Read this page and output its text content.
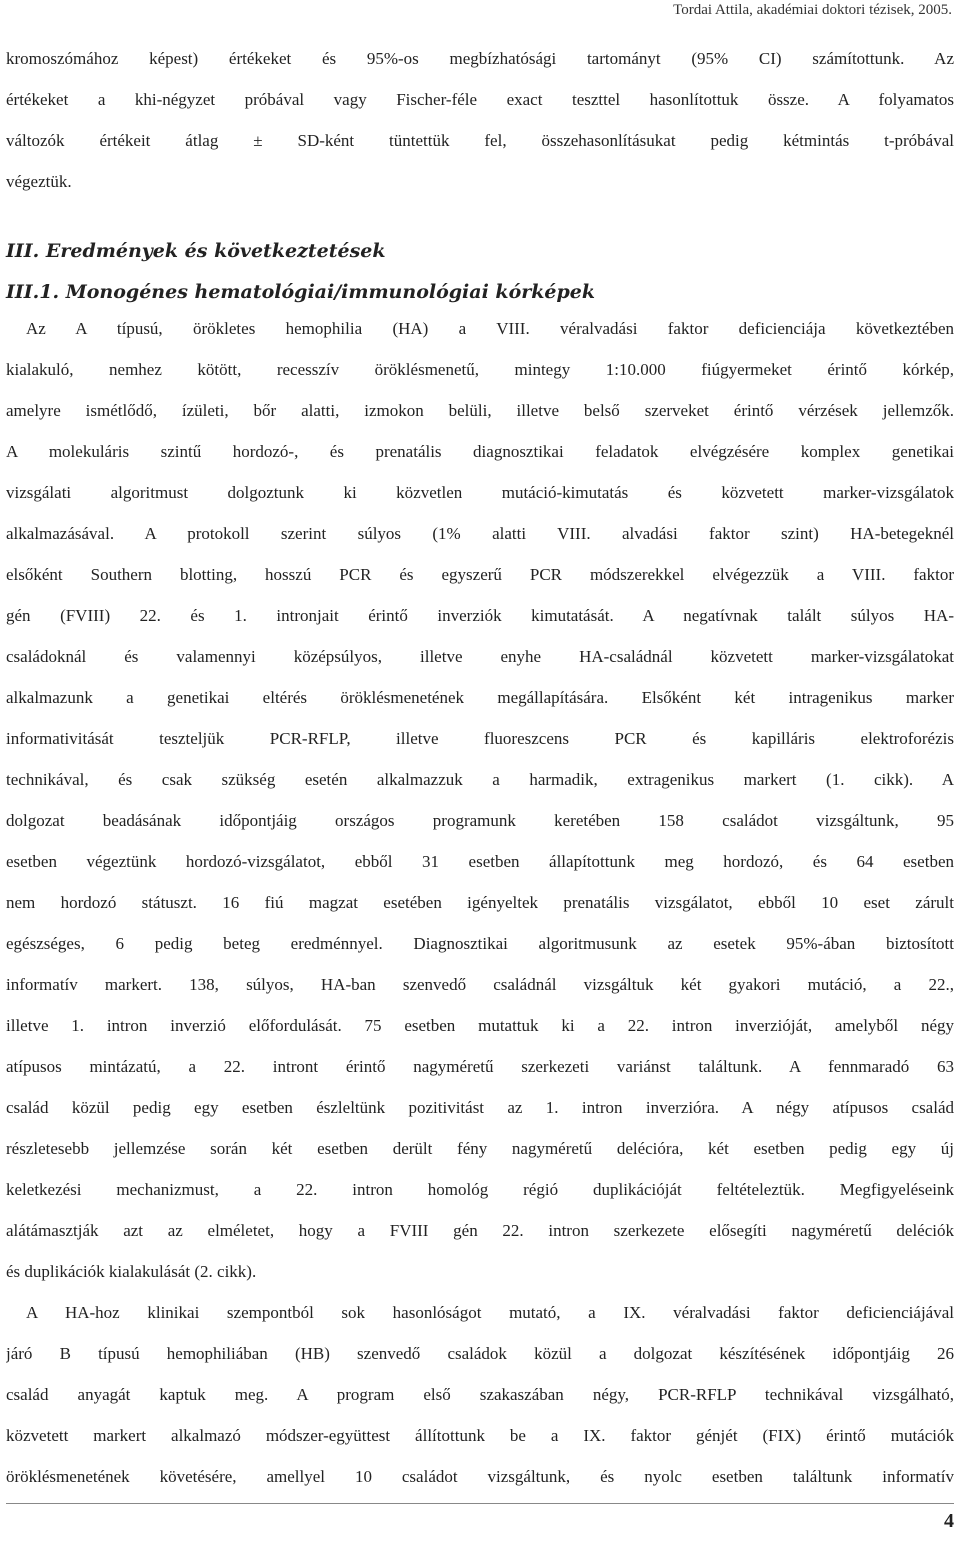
Tordai Attila, akadémiai doktori tézisek, 2005.
kromoszómához képest) értékeket és 95%-os megbízhatósági tartományt (95% CI) számítottunk. Az
értékeket a khi-négyzet próbával vagy Fischer-féle exact teszttel hasonlítottuk össze. A folyamatos
változók értékeit átlag ± SD-ként tüntettük fel, összehasonlításukat pedig kétmintás t-próbával
végeztük.
III. Eredmények és következtetések
III.1. Monogénes hematológiai/immunológiai kórképek
Az A típusú, örökletes hemophilia (HA) a VIII. véralvadási faktor deficienciája következtében
kialakuló, nemhez kötött, recesszív öröklésmenetű, mintegy 1:10.000 fiúgyermeket érintő kórkép,
amelyre ismétlődő, ízületi, bőr alatti, izmokon belüli, illetve belső szerveket érintő vérzések jellemzők.
A molekuláris szintű hordozó-, és prenatális diagnosztikai feladatok elvégzésére komplex genetikai
vizsgálati algoritmust dolgoztunk ki közvetlen mutáció-kimutatás és közvetett marker-vizsgálatok
alkalmazásával. A protokoll szerint súlyos (1% alatti VIII. alvadási faktor szint) HA-betegeknél
elsőként Southern blotting, hosszú PCR és egyszerű PCR módszerekkel elvégezzük a VIII. faktor
gén (FVIII) 22. és 1. intronjait érintő inverziók kimutatását. A negatívnak talált súlyos HA-
családoknál és valamennyi középsúlyos, illetve enyhe HA-családnál közvetett marker-vizsgálatokat
alkalmazunk a genetikai eltérés öröklésmenetének megállapítására. Elsőként két intragenikus marker
informativitását teszteljük PCR-RFLP, illetve fluoreszcens PCR és kapilláris elektroforézis
technikával, és csak szükség esetén alkalmazzuk a harmadik, extragenikus markert (1. cikk). A
dolgozat beadásának időpontjáig országos programunk keretében 158 családot vizsgáltunk, 95
esetben végeztünk hordozó-vizsgálatot, ebből 31 esetben állapítottunk meg hordozó, és 64 esetben
nem hordozó státuszt. 16 fiú magzat esetében igényeltek prenatális vizsgálatot, ebből 10 eset zárult
egészséges, 6 pedig beteg eredménnyel. Diagnosztikai algoritmusunk az esetek 95%-ában biztosított
informatív markert. 138, súlyos, HA-ban szenvedő családnál vizsgáltuk két gyakori mutáció, a 22.,
illetve 1. intron inverzió előfordulását. 75 esetben mutattuk ki a 22. intron inverzióját, amelyből négy
atípusos mintázatú, a 22. intront érintő nagyméretű szerkezeti variánst találtunk. A fennmaradó 63
család közül pedig egy esetben észleltünk pozitivitást az 1. intron inverzióra. A négy atípusos család
részletesebb jellemzése során két esetben derült fény nagyméretű delécióra, két esetben pedig egy új
keletkezési mechanizmust, a 22. intron homológ régió duplikációját feltételeztük. Megfigyeléseink
alátámasztják azt az elméletet, hogy a FVIII gén 22. intron szerkezete elősegíti nagyméretű deléciók
és duplikációk kialakulását (2. cikk).
A HA-hoz klinikai szempontból sok hasonlóságot mutató, a IX. véralvadási faktor deficienciájával
járó B típusú hemophiliában (HB) szenvedő családok közül a dolgozat készítésének időpontjáig 26
család anyagát kaptuk meg. A program első szakaszában négy, PCR-RFLP technikával vizsgálható,
közvetett markert alkalmazó módszer-együttest állítottunk be a IX. faktor génjét (FIX) érintő mutációk
öröklésmenetének követésére, amellyel 10 családot vizsgáltunk, és nyolc esetben találtunk informatív
4
